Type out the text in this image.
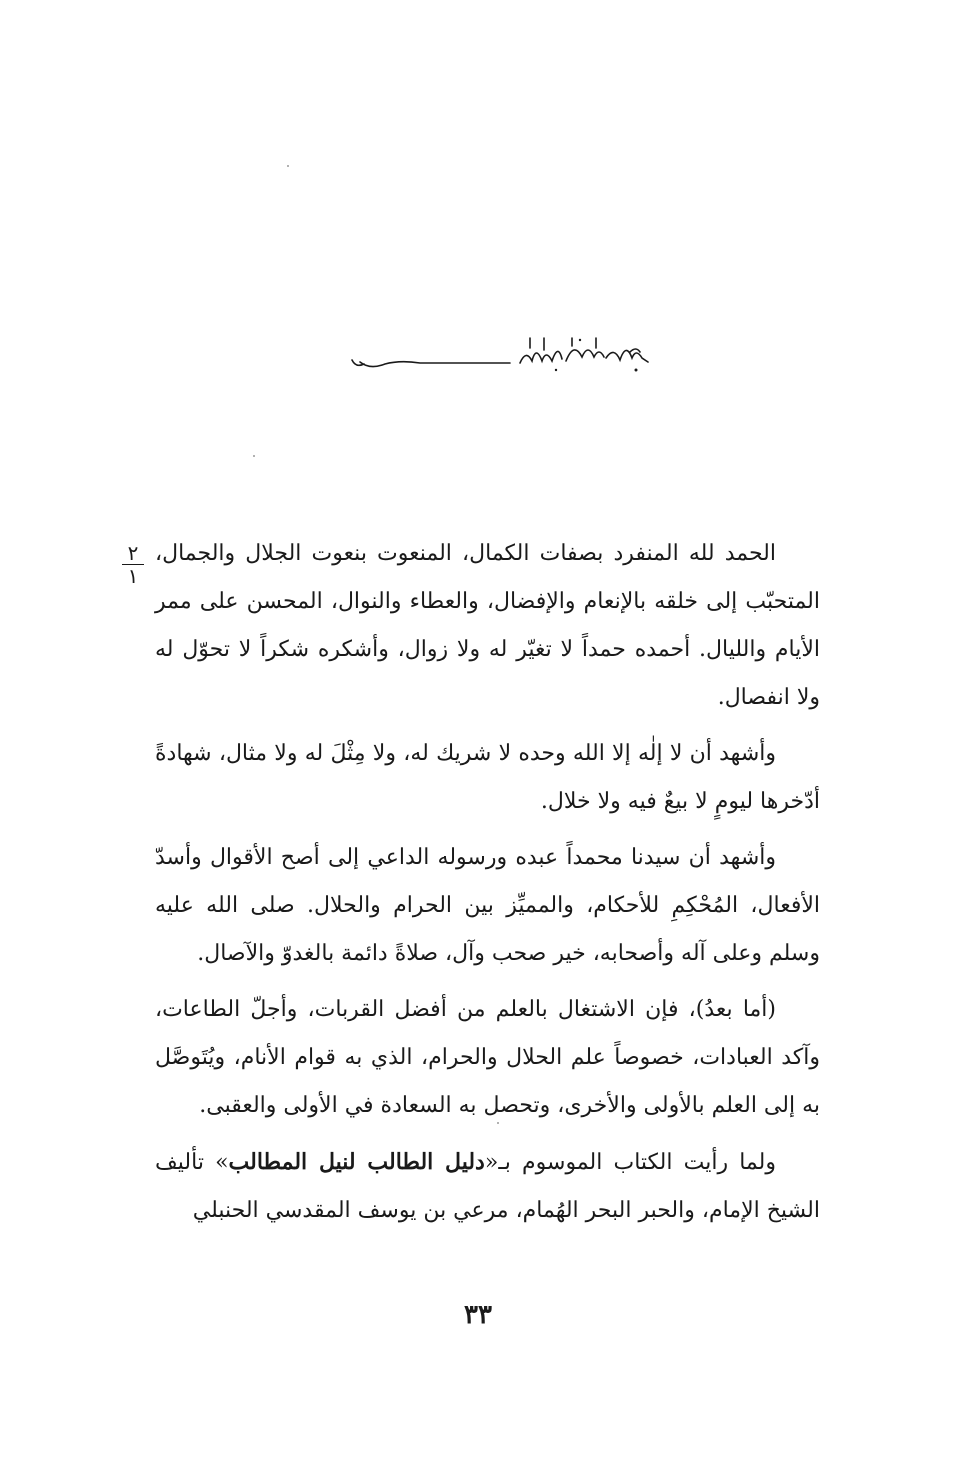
٢
١

الحمد لله المنفرد بصفات الكمال، المنعوت بنعوت الجلال والجمال، المتحبّب إلى خلقه بالإنعام والإفضال، والعطاء والنوال، المحسن على ممر الأيام والليال. أحمده حمداً لا تغيّر له ولا زوال، وأشكره شكراً لا تحوّل له ولا انفصال.

وأشهد أن لا إلٰه إلا الله وحده لا شريك له، ولا مِثْلَ له ولا مثال، شهادةً أدّخرها ليومٍ لا بيعٌ فيه ولا خلال.

وأشهد أن سيدنا محمداً عبده ورسوله الداعي إلى أصح الأقوال وأسدّ الأفعال، المُحْكِمِ للأحكام، والمميِّز بين الحرام والحلال. صلى الله عليه وسلم وعلى آله وأصحابه، خير صحب وآل، صلاةً دائمة بالغدوّ والآصال.

(أما بعدُ)، فإن الاشتغال بالعلم من أفضل القربات، وأجلّ الطاعات، وآكد العبادات، خصوصاً علم الحلال والحرام، الذي به قوام الأنام، ويُتَوصَّل به إلى العلم بالأولى والأخرى، وتحصل به السعادة في الأولى والعقبى.

ولما رأيت الكتاب الموسوم بـ«دليل الطالب لنيل المطالب» تأليف الشيخ الإمام، والحبر البحر الهُمام، مرعي بن يوسف المقدسي الحنبلي

٣٣
